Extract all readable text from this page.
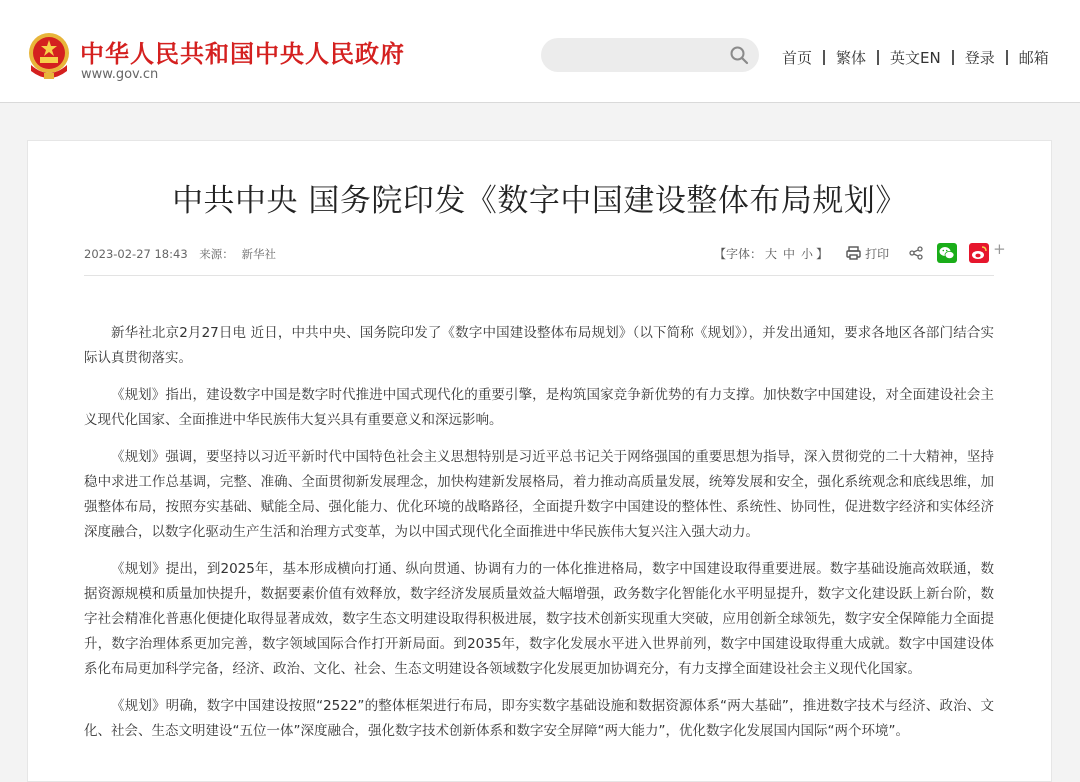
中华人民共和国中央人民政府
www.gov.cn
首页 繁体 英文EN 登录 邮箱
中共中央 国务院印发《数字中国建设整体布局规划》
2023-02-27 18:43 来源： 新华社	【字体： 大 中 小 】	打印	+

新华社北京2月27日电 近日，中共中央、国务院印发了《数字中国建设整体布局规划》（以下简称《规划》），并发出通知，要求各地区各部门结合实际认真贯彻落实。

《规划》指出，建设数字中国是数字时代推进中国式现代化的重要引擎，是构筑国家竞争新优势的有力支撑。加快数字中国建设，对全面建设社会主义现代化国家、全面推进中华民族伟大复兴具有重要意义和深远影响。

《规划》强调，要坚持以习近平新时代中国特色社会主义思想特别是习近平总书记关于网络强国的重要思想为指导，深入贯彻党的二十大精神，坚持稳中求进工作总基调，完整、准确、全面贯彻新发展理念，加快构建新发展格局，着力推动高质量发展，统筹发展和安全，强化系统观念和底线思维，加强整体布局，按照夯实基础、赋能全局、强化能力、优化环境的战略路径，全面提升数字中国建设的整体性、系统性、协同性，促进数字经济和实体经济深度融合，以数字化驱动生产生活和治理方式变革，为以中国式现代化全面推进中华民族伟大复兴注入强大动力。

《规划》提出，到2025年，基本形成横向打通、纵向贯通、协调有力的一体化推进格局，数字中国建设取得重要进展。数字基础设施高效联通，数据资源规模和质量加快提升，数据要素价值有效释放，数字经济发展质量效益大幅增强，政务数字化智能化水平明显提升，数字文化建设跃上新台阶，数字社会精准化普惠化便捷化取得显著成效，数字生态文明建设取得积极进展，数字技术创新实现重大突破，应用创新全球领先，数字安全保障能力全面提升，数字治理体系更加完善，数字领域国际合作打开新局面。到2035年，数字化发展水平进入世界前列，数字中国建设取得重大成就。数字中国建设体系化布局更加科学完备，经济、政治、文化、社会、生态文明建设各领域数字化发展更加协调充分，有力支撑全面建设社会主义现代化国家。

《规划》明确，数字中国建设按照“2522”的整体框架进行布局，即夯实数字基础设施和数据资源体系“两大基础”，推进数字技术与经济、政治、文化、社会、生态文明建设“五位一体”深度融合，强化数字技术创新体系和数字安全屏障“两大能力”，优化数字化发展国内国际“两个环境”。
